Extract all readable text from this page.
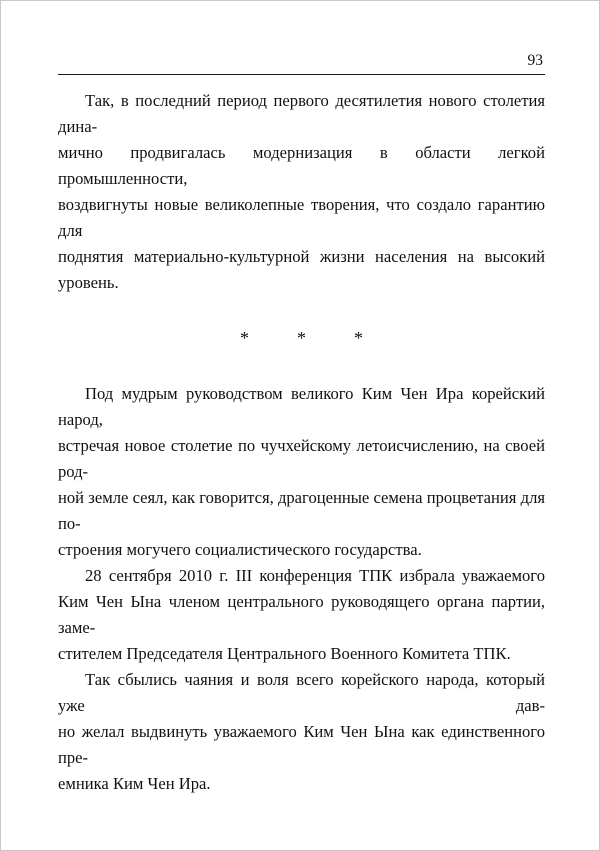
93
Так, в последний период первого десятилетия нового столетия дина-
мично продвигалась модернизация в области легкой промышленности,
воздвигнуты новые великолепные творения, что создало гарантию для
поднятия материально-культурной жизни населения на высокий уровень.
*	*	*
Под мудрым руководством великого Ким Чен Ира корейский народ,
встречая новое столетие по чучхейскому летоисчислению, на своей род-
ной земле сеял, как говорится, драгоценные семена процветания для по-
строения могучего социалистического государства.
28 сентября 2010 г. III конференция ТПК избрала уважаемого
Ким Чен Ына членом центрального руководящего органа партии, заме-
стителем Председателя Центрального Военного Комитета ТПК.
Так сбылись чаяния и воля всего корейского народа, который уже дав-
но желал выдвинуть уважаемого Ким Чен Ына как единственного пре-
емника Ким Чен Ира.
